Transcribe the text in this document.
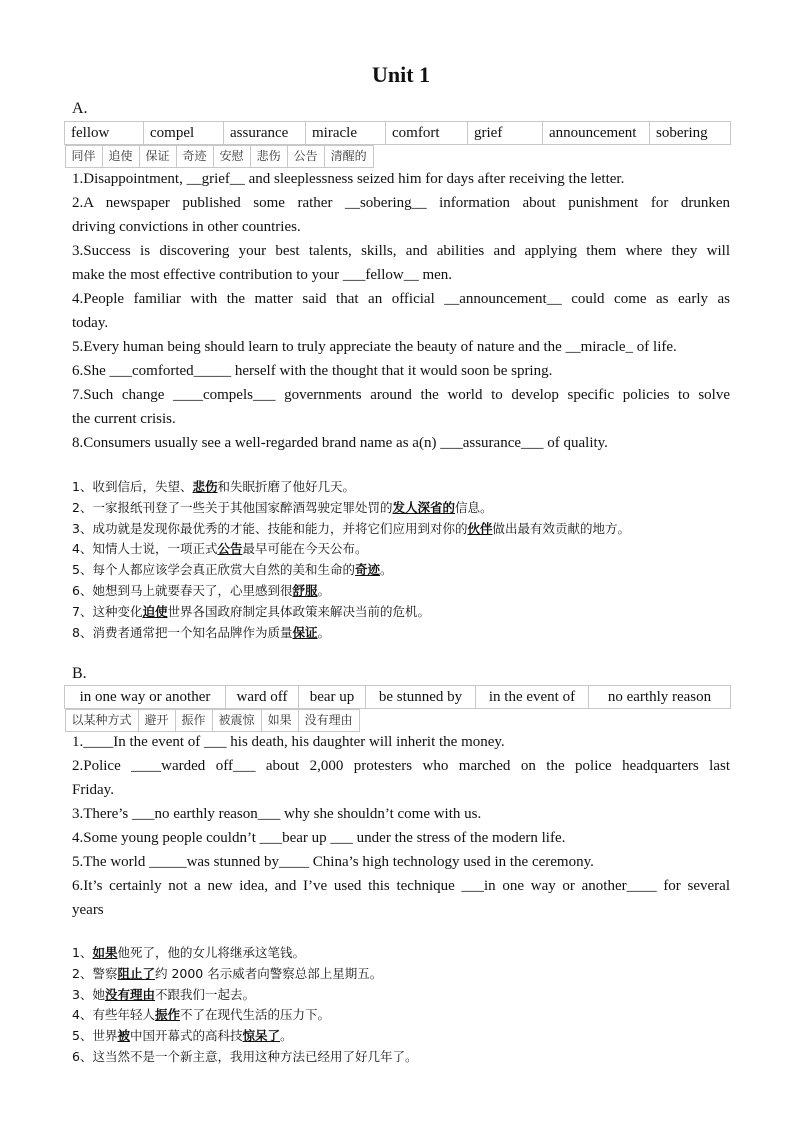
Unit 1
A.
fellow	compel	assurance	miracle	comfort	grief	announcement	sobering

同伴	追使	保证	奇迹	安慰	悲伤	公告	清醒的
1.Disappointment, __grief__ and sleeplessness seized him for days after receiving the letter.
2.A newspaper published some rather __sobering__ information about punishment for drunken
driving convictions in other countries.
3.Success is discovering your best talents, skills, and abilities and applying them where they will
make the most effective contribution to your ___fellow__ men.
4.People familiar with the matter said that an official __announcement__ could come as early as
today.
5.Every human being should learn to truly appreciate the beauty of nature and the __miracle_ of life.
6.She ___comforted_____ herself with the thought that it would soon be spring.
7.Such change ____compels___ governments around the world to develop specific policies to solve
the current crisis.
8.Consumers usually see a well-regarded brand name as a(n) ___assurance___ of quality.
1、收到信后，失望、悲伤和失眠折磨了他好几天。
2、一家报纸刊登了一些关于其他国家醉酒驾驶定罪处罚的发人深省的信息。
3、成功就是发现你最优秀的才能、技能和能力，并将它们应用到对你的伙伴做出最有效贡献的地方。
4、知情人士说，一项正式公告最早可能在今天公布。
5、每个人都应该学会真正欣赏大自然的美和生命的奇迹。
6、她想到马上就要春天了，心里感到很舒服。
7、这种变化迫使世界各国政府制定具体政策来解决当前的危机。
8、消费者通常把一个知名品牌作为质量保证。
B.
in one way or another	ward off	bear up	be stunned by	in the event of	no earthly reason

以某种方式	避开	振作	被震惊	如果	没有理由
1.____In the event of ___ his death, his daughter will inherit the money.
2.Police ____warded off___ about 2,000 protesters who marched on the police headquarters last
Friday.
3.There’s ___no earthly reason___ why she shouldn’t come with us.
4.Some young people couldn’t ___bear up ___ under the stress of the modern life.
5.The world _____was stunned by____ China’s high technology used in the ceremony.
6.It’s certainly not a new idea, and I’ve used this technique ___in one way or another____ for several
years
1、如果他死了，他的女儿将继承这笔钱。
2、警察阻止了约 2000 名示威者向警察总部上星期五。
3、她没有理由不跟我们一起去。
4、有些年轻人振作不了在现代生活的压力下。
5、世界被中国开幕式的高科技惊呆了。
6、这当然不是一个新主意，我用这种方法已经用了好几年了。
